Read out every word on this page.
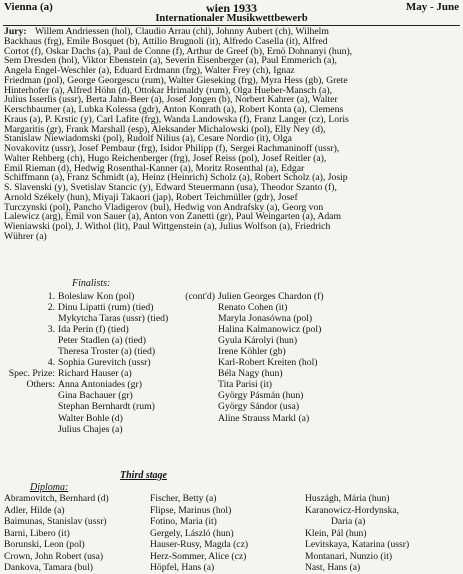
Vienna (a)	wien 1933	May - June
Internationaler Musikwettbewerb
Jury: Willem Andriessen (hol), Claudio Arrau (chl), Johnny Aubert (ch), Wilhelm
Backhaus (frg), Emile Bosquet (b), Attilio Brugnoli (it), Alfredo Casella (it), Alfred
Cortot (f), Oskar Dachs (a), Paul de Conne (f), Arthur de Greef (b), Ernö Dohnanyi (hun),
Sem Dresden (hol), Viktor Ebenstein (a), Severin Eisenberger (a), Paul Emmerich (a),
Angela Engel-Weschler (a), Eduard Erdmann (frg), Walter Frey (ch), Ignaz
Friedman (pol), George Georgescu (rum), Walter Gieseking (frg), Myra Hess (gb), Grete
Hinterhofer (a), Alfred Höhn (d), Ottokar Hrimaldy (rum), Olga Hueber-Mansch (a),
Julius Isserlis (ussr), Berta Jahn-Beer (a), Josef Jongen (b), Norbert Kahrer (a), Walter
Kerschbaumer (a), Lubka Kolessa (gdr), Anton Konrath (a), Robert Konta (a), Clemens
Kraus (a), P. Krstic (y), Carl Lafite (frg), Wanda Landowska (f), Franz Langer (cz), Loris
Margaritis (gr), Frank Marshall (esp), Aleksander Michalowski (pol), Elly Ney (d),
Stanislaw Niewiadomski (pol), Rudolf Nilius (a), Cesare Nordio (it), Olga
Novakovitz (ussr), Josef Pembaur (frg), Isidor Philipp (f), Sergei Rachmaninoff (ussr),
Walter Rehberg (ch), Hugo Reichenberger (frg), Josef Reiss (pol), Josef Reitler (a),
Emil Rieman (d), Hedwig Rosenthal-Kanner (a), Moritz Rosenthal (a), Edgar
Schiffmann (a), Franz Schmidt (a), Heinz (Heinrich) Scholz (a), Robert Scholz (a), Josip
S. Slavenski (y), Svetislav Stancic (y), Edward Steuermann (usa), Theodor Szanto (f),
Arnold Székely (hun), Miyaji Takaori (jap), Robert Teichmüller (gdr), Josef
Turczynski (pol), Pancho Vladigerov (bul), Hedwig von Andrafsky (a), Georg von
Lalewicz (arg), Emil von Sauer (a), Anton von Zanetti (gr), Paul Weingarten (a), Adam
Wieniawski (pol), J. Withol (lit), Paul Wittgenstein (a), Julius Wolfson (a), Friedrich
Wührer (a)
Finalists:
1. Boleslaw Kon (pol)
2. Dinu Lipatti (rum) (tied)
Mykytcha Taras (ussr) (tied)
3. Ida Perin (f) (tied)
Peter Stadlen (a) (tied)
Theresa Troster (a) (tied)
4. Sophia Gurevitch (ussr)
Spec. Prize: Richard Hauser (a)
Others: Anna Antoniades (gr)
Gina Bachauer (gr)
Stephan Bernhardt (rum)
Walter Bohle (d)
Julius Chajes (a)
(cont'd) Julien Georges Chardon (f)
Renato Cohen (it)
Maryla Jonasówna (pol)
Halina Kalmanowicz (pol)
Gyula Károlyi (hun)
Irene Köhler (gb)
Karl-Robert Kreiten (hol)
Béla Nagy (hun)
Tita Parisi (it)
György Pásmán (hun)
György Sándor (usa)
Aline Strauss Markl (a)
Third stage
Diploma:
Abramovitch, Bernhard (d)
Adler, Hilde (a)
Baimunas, Stanislav (ussr)
Barni, Libero (it)
Borunski, Leon (pol)
Crown, John Robert (usa)
Dankova, Tamara (bul)
Fischer, Betty (a)
Flipse, Marinus (hol)
Fotino, Maria (it)
Gergely, László (hun)
Hauser-Rusy, Magda (cz)
Herz-Sommer, Alice (cz)
Höpfel, Hans (a)
Huszágh, Mária (hun)
Karanowicz-Hordynska,
Daria (a)
Klein, Pál (hun)
Levitskaya, Katarina (ussr)
Montanari, Nunzio (it)
Nast, Hans (a)
